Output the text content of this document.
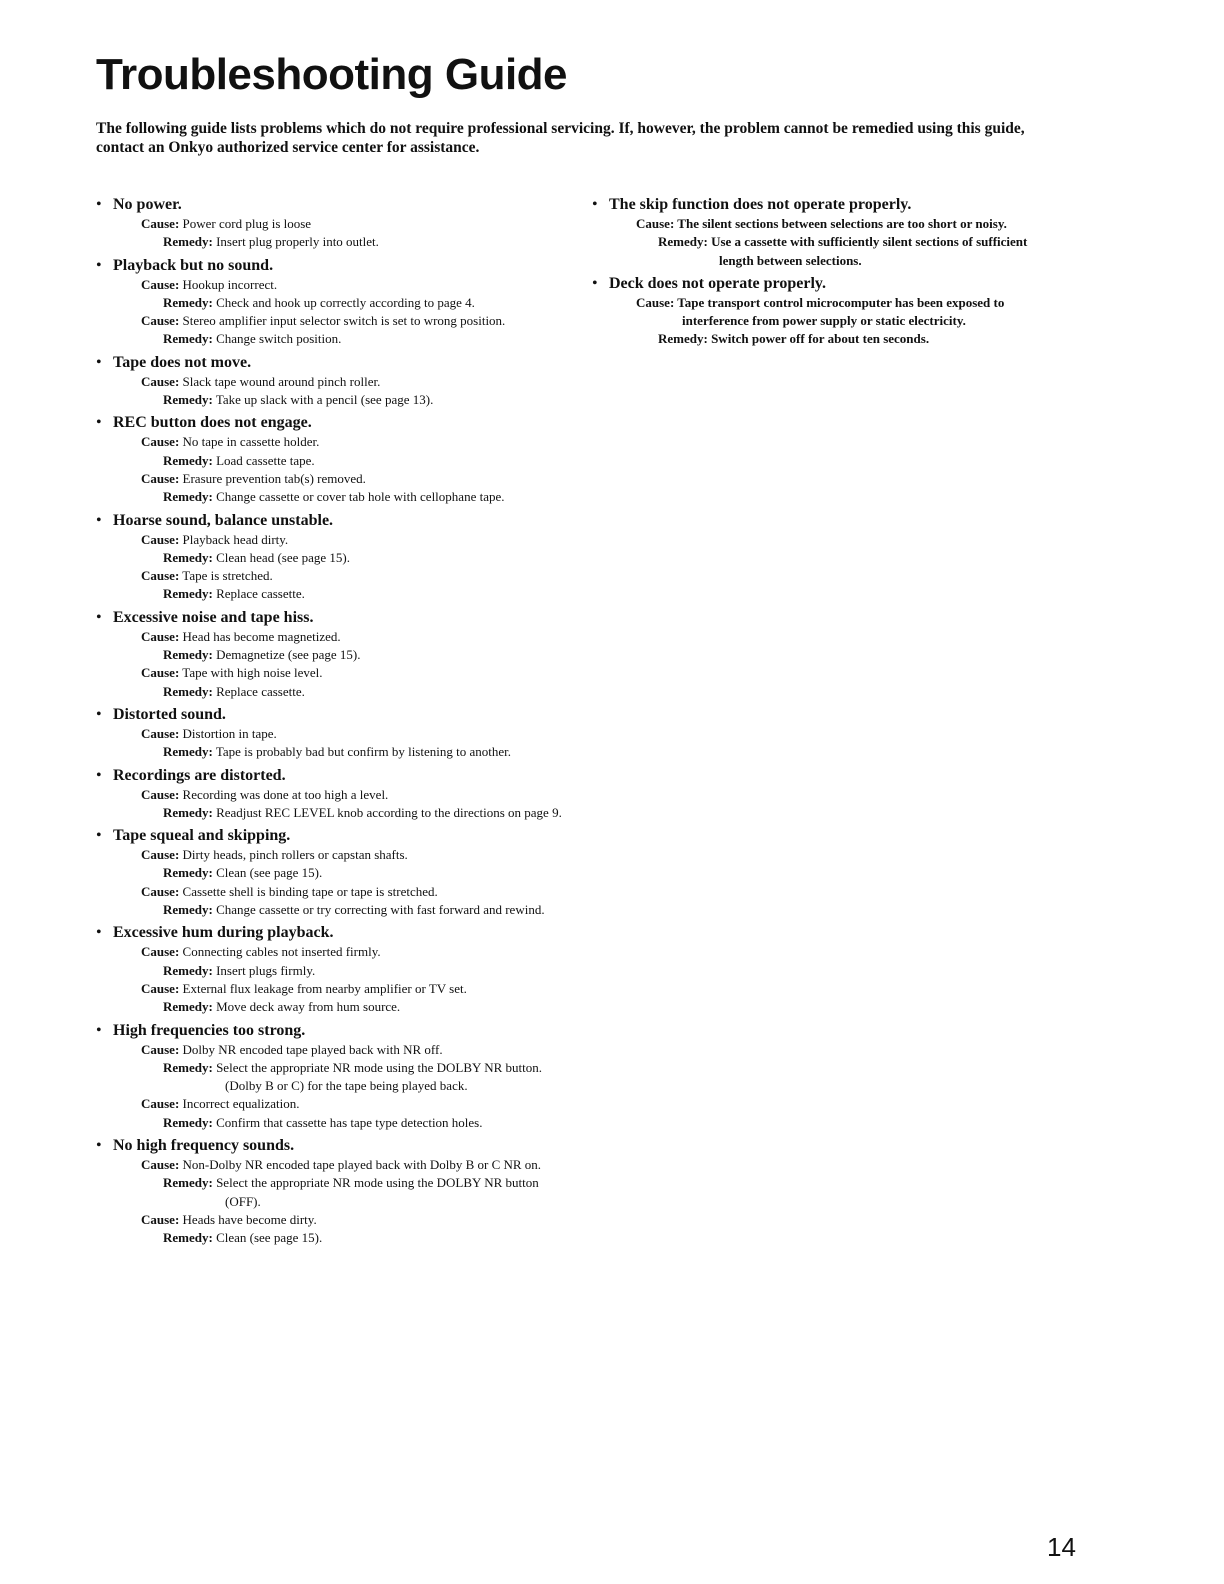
Troubleshooting Guide

The following guide lists problems which do not require professional servicing. If, however, the problem cannot be remedied using this guide, contact an Onkyo authorized service center for assistance.

• No power.
Cause: Power cord plug is loose
Remedy: Insert plug properly into outlet.
• Playback but no sound.
Cause: Hookup incorrect.
Remedy: Check and hook up correctly according to page 4.
Cause: Stereo amplifier input selector switch is set to wrong position.
Remedy: Change switch position.
• Tape does not move.
Cause: Slack tape wound around pinch roller.
Remedy: Take up slack with a pencil (see page 13).
• REC button does not engage.
Cause: No tape in cassette holder.
Remedy: Load cassette tape.
Cause: Erasure prevention tab(s) removed.
Remedy: Change cassette or cover tab hole with cellophane tape.
• Hoarse sound, balance unstable.
Cause: Playback head dirty.
Remedy: Clean head (see page 15).
Cause: Tape is stretched.
Remedy: Replace cassette.
• Excessive noise and tape hiss.
Cause: Head has become magnetized.
Remedy: Demagnetize (see page 15).
Cause: Tape with high noise level.
Remedy: Replace cassette.
• Distorted sound.
Cause: Distortion in tape.
Remedy: Tape is probably bad but confirm by listening to another.
• Recordings are distorted.
Cause: Recording was done at too high a level.
Remedy: Readjust REC LEVEL knob according to the directions on page 9.
• Tape squeal and skipping.
Cause: Dirty heads, pinch rollers or capstan shafts.
Remedy: Clean (see page 15).
Cause: Cassette shell is binding tape or tape is stretched.
Remedy: Change cassette or try correcting with fast forward and rewind.
• Excessive hum during playback.
Cause: Connecting cables not inserted firmly.
Remedy: Insert plugs firmly.
Cause: External flux leakage from nearby amplifier or TV set.
Remedy: Move deck away from hum source.
• High frequencies too strong.
Cause: Dolby NR encoded tape played back with NR off.
Remedy: Select the appropriate NR mode using the DOLBY NR button. (Dolby B or C) for the tape being played back.
Cause: Incorrect equalization.
Remedy: Confirm that cassette has tape type detection holes.
• No high frequency sounds.
Cause: Non-Dolby NR encoded tape played back with Dolby B or C NR on.
Remedy: Select the appropriate NR mode using the DOLBY NR button (OFF).
Cause: Heads have become dirty.
Remedy: Clean (see page 15).
• The skip function does not operate properly.
Cause: The silent sections between selections are too short or noisy.
Remedy: Use a cassette with sufficiently silent sections of sufficient length between selections.
• Deck does not operate properly.
Cause: Tape transport control microcomputer has been exposed to interference from power supply or static electricity.
Remedy: Switch power off for about ten seconds.
14
